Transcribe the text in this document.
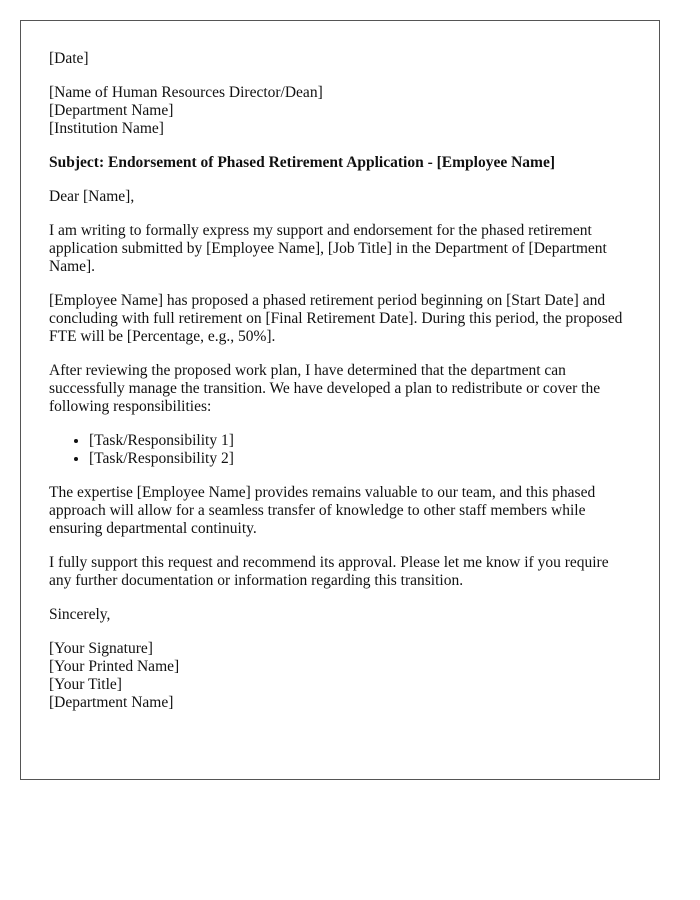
[Date]
[Name of Human Resources Director/Dean]
[Department Name]
[Institution Name]
Subject: Endorsement of Phased Retirement Application - [Employee Name]
Dear [Name],

I am writing to formally express my support and endorsement for the phased retirement application submitted by [Employee Name], [Job Title] in the Department of [Department Name].

[Employee Name] has proposed a phased retirement period beginning on [Start Date] and concluding with full retirement on [Final Retirement Date]. During this period, the proposed FTE will be [Percentage, e.g., 50%].

After reviewing the proposed work plan, I have determined that the department can successfully manage the transition. We have developed a plan to redistribute or cover the following responsibilities:

• [Task/Responsibility 1]
• [Task/Responsibility 2]

The expertise [Employee Name] provides remains valuable to our team, and this phased approach will allow for a seamless transfer of knowledge to other staff members while ensuring departmental continuity.

I fully support this request and recommend its approval. Please let me know if you require any further documentation or information regarding this transition.

Sincerely,
[Your Signature]
[Your Printed Name]
[Your Title]
[Department Name]
